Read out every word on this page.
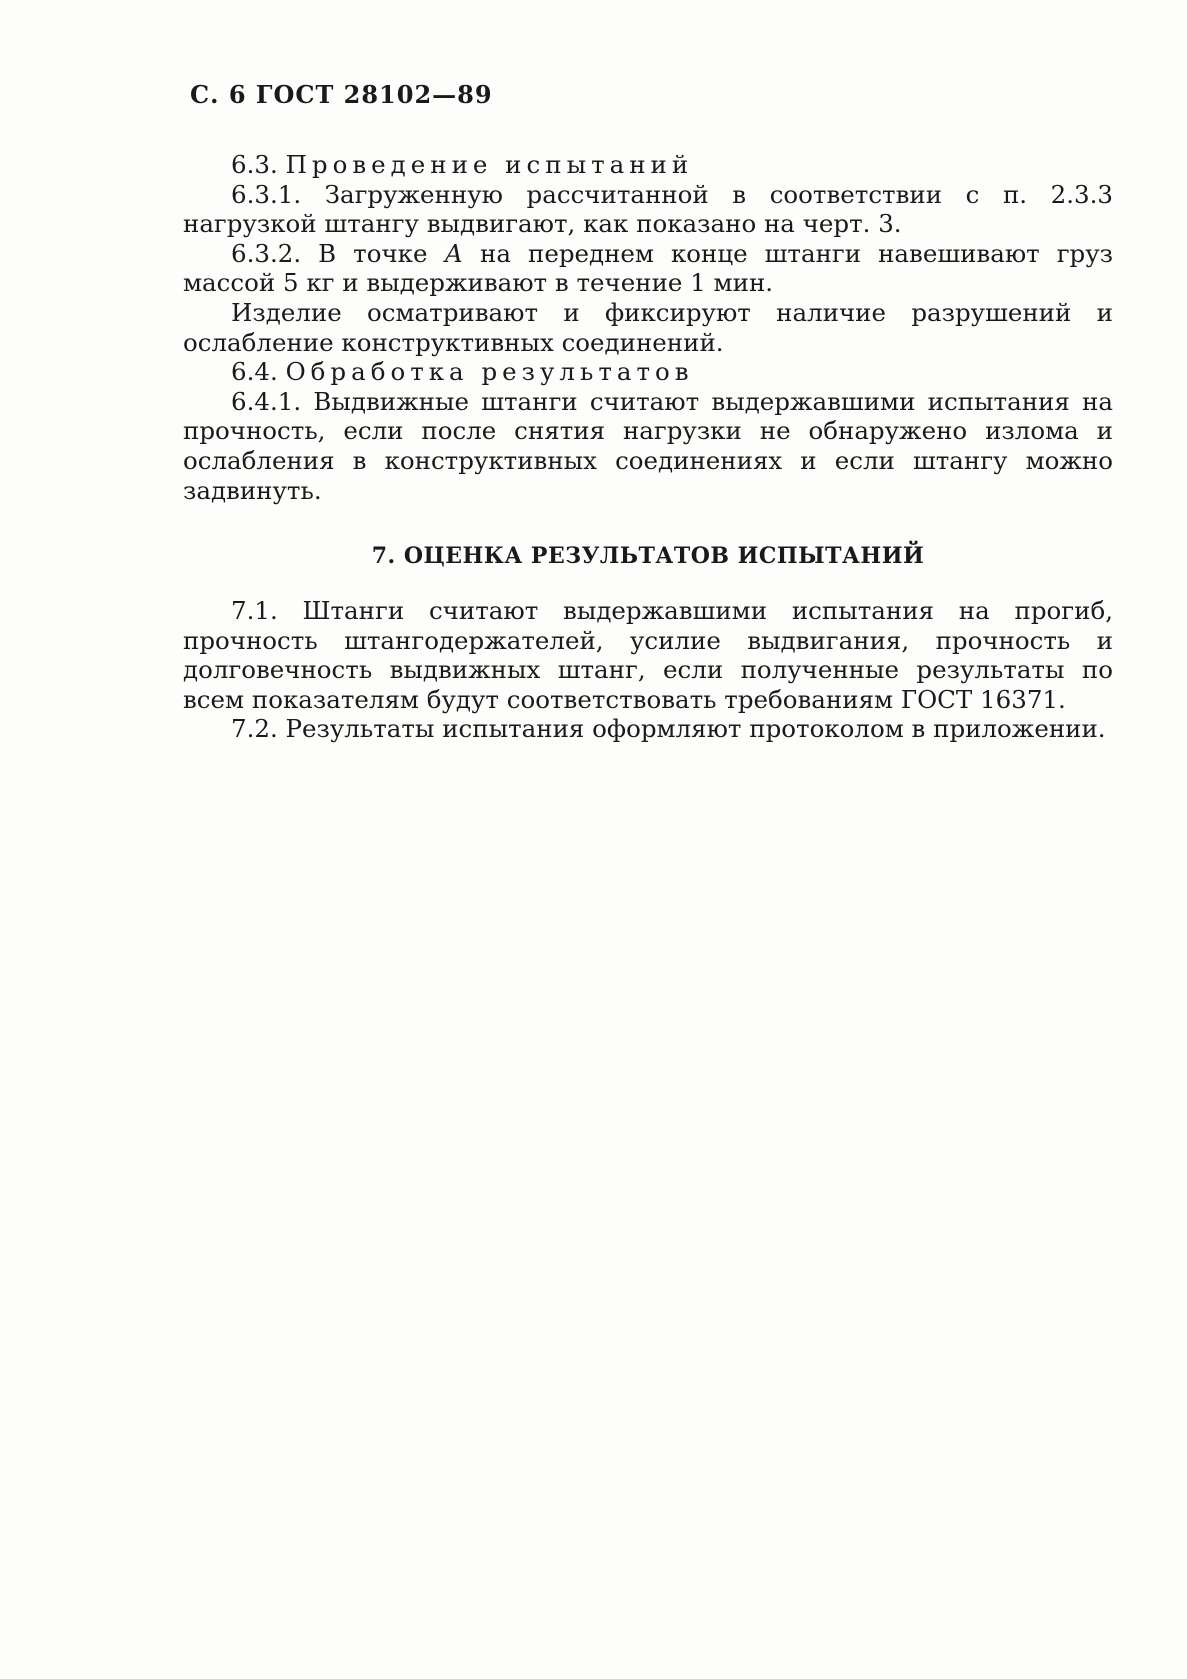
С. 6 ГОСТ 28102—89

6.3. Проведение испытаний

6.3.1. Загруженную рассчитанной в соответствии с п. 2.3.3 нагрузкой штангу выдвигают, как показано на черт. 3.

6.3.2. В точке А на переднем конце штанги навешивают груз массой 5 кг и выдерживают в течение 1 мин.

Изделие осматривают и фиксируют наличие разрушений и ослабление конструктивных соединений.

6.4. Обработка результатов

6.4.1. Выдвижные штанги считают выдержавшими испытания на прочность, если после снятия нагрузки не обнаружено излома и ослабления в конструктивных соединениях и если штангу можно задвинуть.

7. ОЦЕНКА РЕЗУЛЬТАТОВ ИСПЫТАНИЙ

7.1. Штанги считают выдержавшими испытания на прогиб, прочность штангодержателей, усилие выдвигания, прочность и долговечность выдвижных штанг, если полученные результаты по всем показателям будут соответствовать требованиям ГОСТ 16371.

7.2. Результаты испытания оформляют протоколом в приложении.
